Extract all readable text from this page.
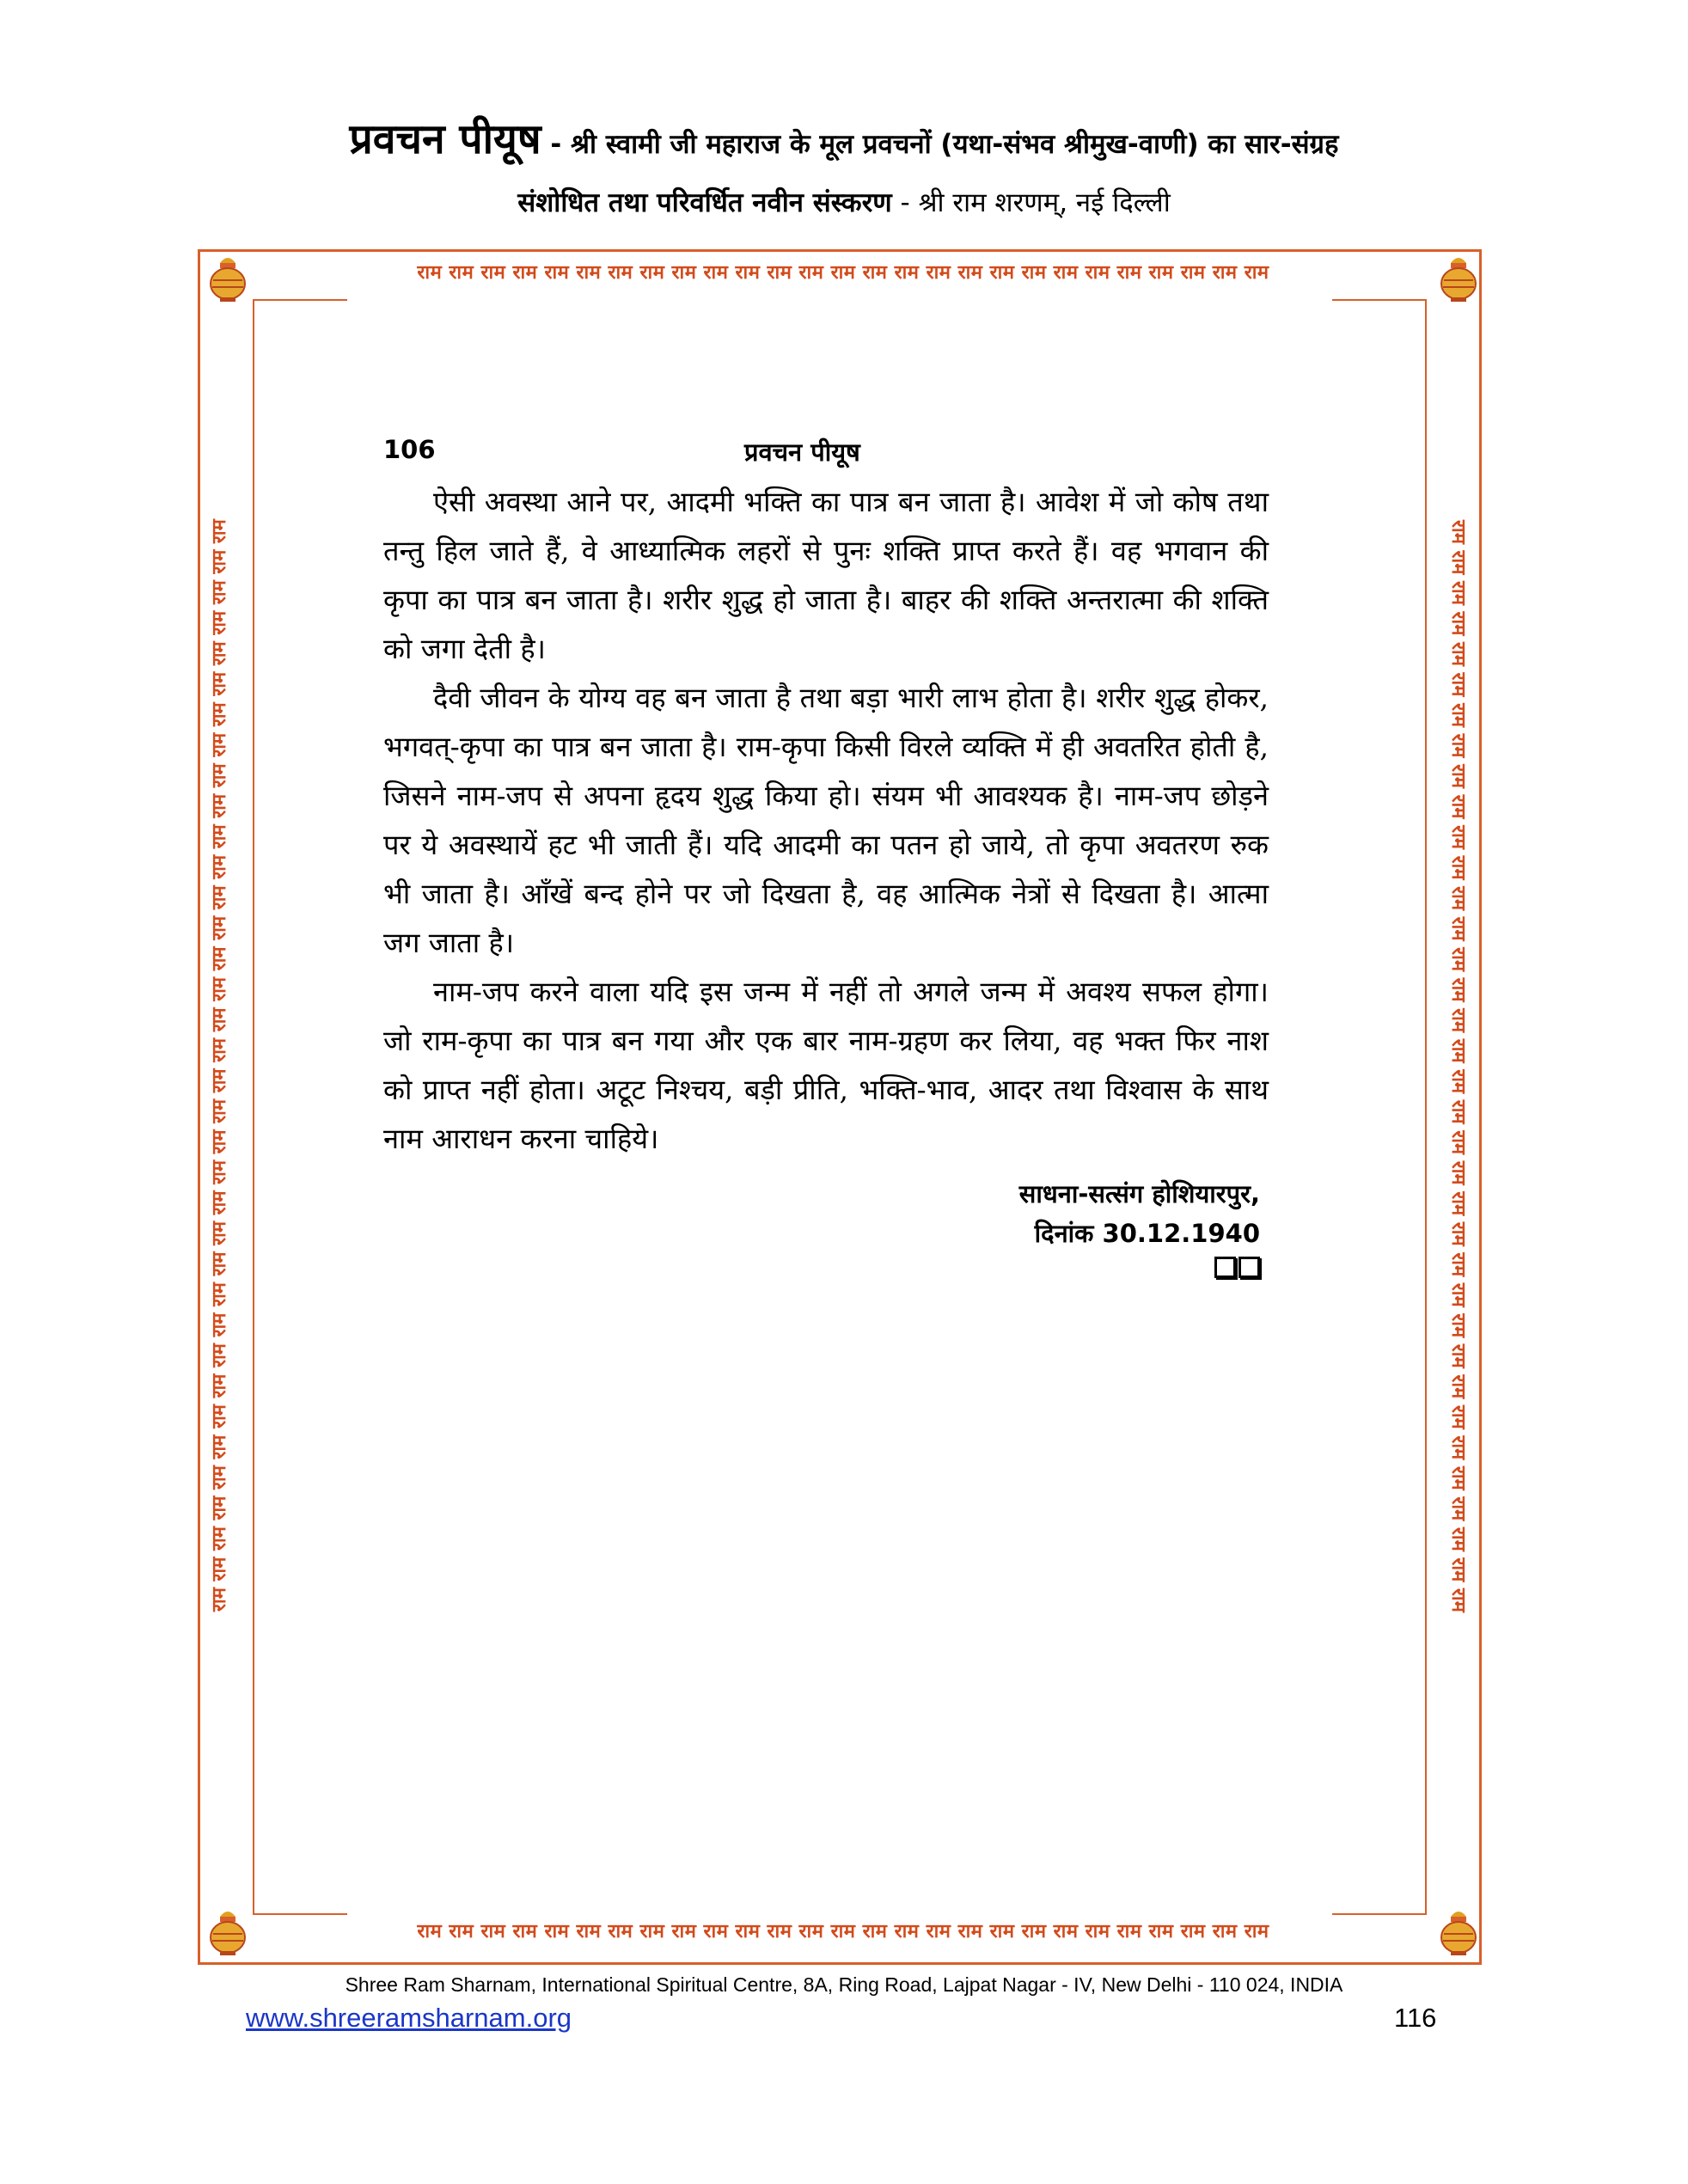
प्रवचन पीयूष - श्री स्वामी जी महाराज के मूल प्रवचनों (यथा-संभव श्रीमुख-वाणी) का सार-संग्रह
संशोधित तथा परिवर्धित नवीन संस्करण - श्री राम शरणम्, नई दिल्ली
राम राम राम राम राम राम राम राम राम राम राम राम राम राम राम राम राम राम राम राम राम राम राम राम राम राम राम
राम राम राम राम राम राम राम राम राम राम राम राम राम राम राम राम राम राम राम राम राम राम राम राम राम राम राम
राम राम राम राम राम राम राम राम राम राम राम राम राम राम राम राम राम राम राम राम राम राम राम राम राम राम राम राम राम राम राम राम राम राम राम राम	राम राम राम राम राम राम राम राम राम राम राम राम राम राम राम राम राम राम राम राम राम राम राम राम राम राम राम राम राम राम राम राम राम राम राम राम
106	प्रवचन पीयूष

ऐसी अवस्था आने पर, आदमी भक्ति का पात्र बन जाता है। आवेश में जो कोष तथा तन्तु हिल जाते हैं, वे आध्यात्मिक लहरों से पुनः शक्ति प्राप्त करते हैं। वह भगवान की कृपा का पात्र बन जाता है। शरीर शुद्ध हो जाता है। बाहर की शक्ति अन्तरात्मा की शक्ति को जगा देती है।

दैवी जीवन के योग्य वह बन जाता है तथा बड़ा भारी लाभ होता है। शरीर शुद्ध होकर, भगवत्-कृपा का पात्र बन जाता है। राम-कृपा किसी विरले व्यक्ति में ही अवतरित होती है, जिसने नाम-जप से अपना हृदय शुद्ध किया हो। संयम भी आवश्यक है। नाम-जप छोड़ने पर ये अवस्थायें हट भी जाती हैं। यदि आदमी का पतन हो जाये, तो कृपा अवतरण रुक भी जाता है। आँखें बन्द होने पर जो दिखता है, वह आत्मिक नेत्रों से दिखता है। आत्मा जग जाता है।

नाम-जप करने वाला यदि इस जन्म में नहीं तो अगले जन्म में अवश्य सफल होगा। जो राम-कृपा का पात्र बन गया और एक बार नाम-ग्रहण कर लिया, वह भक्त फिर नाश को प्राप्त नहीं होता। अटूट निश्चय, बड़ी प्रीति, भक्ति-भाव, आदर तथा विश्वास के साथ नाम आराधन करना चाहिये।

साधना-सत्संग होशियारपुर,
दिनांक 30.12.1940
Shree Ram Sharnam, International Spiritual Centre, 8A, Ring Road, Lajpat Nagar - IV, New Delhi - 110 024, INDIA
www.shreeramsharnam.org	116
